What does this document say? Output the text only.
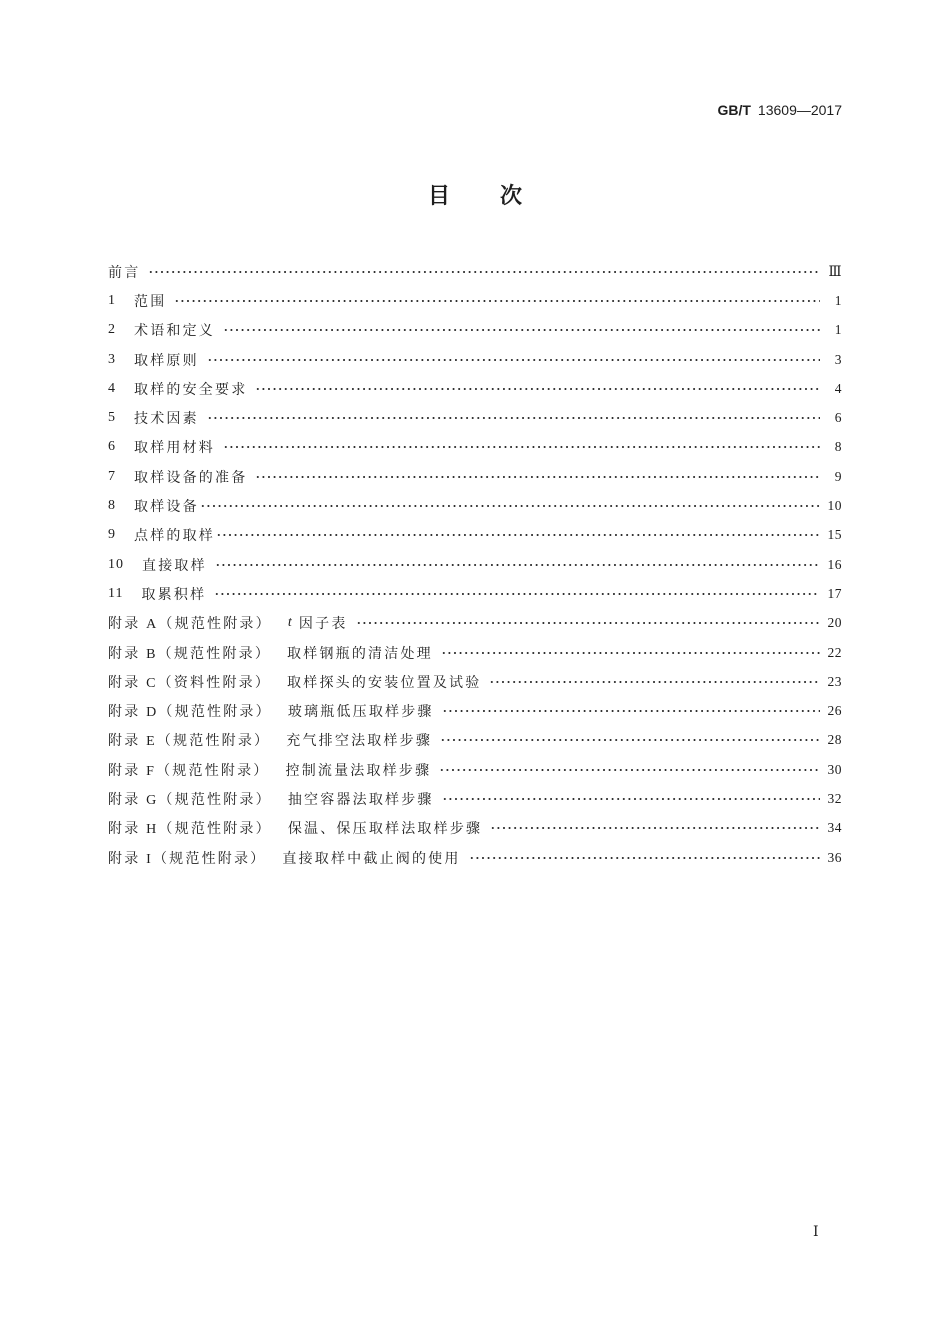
GB/T 13609—2017
目　次
前言	Ⅲ
1 范围	1
2 术语和定义	1
3 取样原则	3
4 取样的安全要求	4
5 技术因素	6
6 取样用材料	8
7 取样设备的准备	9
8 取样设备	10
9 点样的取样	15
10 直接取样	16
11 取累积样	17
附录 A （规范性附录） t 因子表	20
附录 B （规范性附录） 取样钢瓶的清洁处理	22
附录 C （资料性附录） 取样探头的安装位置及试验	23
附录 D （规范性附录） 玻璃瓶低压取样步骤	26
附录 E （规范性附录） 充气排空法取样步骤	28
附录 F （规范性附录） 控制流量法取样步骤	30
附录 G （规范性附录） 抽空容器法取样步骤	32
附录 H （规范性附录） 保温、保压取样法取样步骤	34
附录 I （规范性附录） 直接取样中截止阀的使用	36
Ⅰ
